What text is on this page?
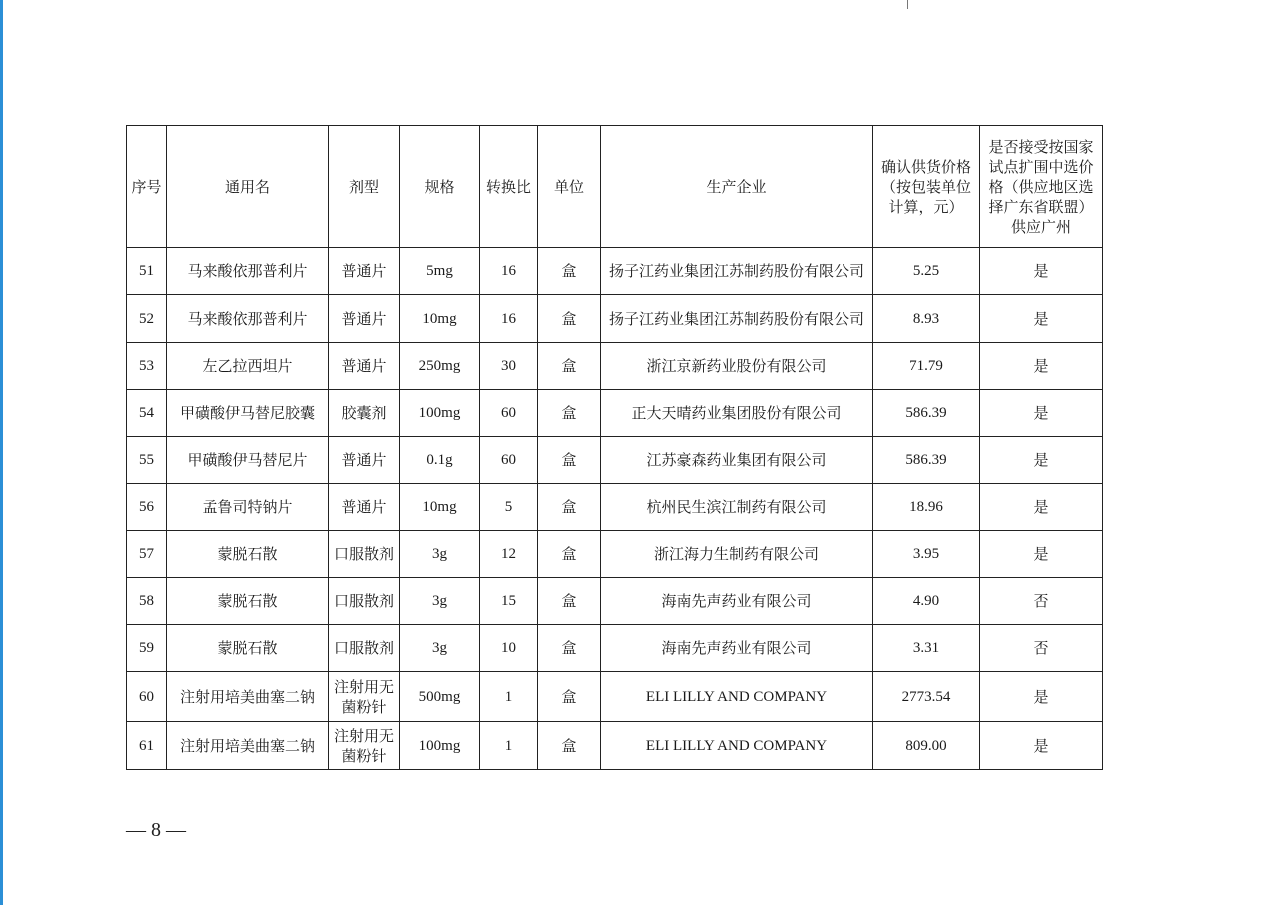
序号	通用名	剂型	规格	转换比	单位	生产企业	确认供货价格（按包装单位计算，元）	是否接受按国家试点扩围中选价格（供应地区选择广东省联盟）供应广州
51	马来酸依那普利片	普通片	5mg	16	盒	扬子江药业集团江苏制药股份有限公司	5.25	是
52	马来酸依那普利片	普通片	10mg	16	盒	扬子江药业集团江苏制药股份有限公司	8.93	是
53	左乙拉西坦片	普通片	250mg	30	盒	浙江京新药业股份有限公司	71.79	是
54	甲磺酸伊马替尼胶囊	胶囊剂	100mg	60	盒	正大天晴药业集团股份有限公司	586.39	是
55	甲磺酸伊马替尼片	普通片	0.1g	60	盒	江苏豪森药业集团有限公司	586.39	是
56	孟鲁司特钠片	普通片	10mg	5	盒	杭州民生滨江制药有限公司	18.96	是
57	蒙脱石散	口服散剂	3g	12	盒	浙江海力生制药有限公司	3.95	是
58	蒙脱石散	口服散剂	3g	15	盒	海南先声药业有限公司	4.90	否
59	蒙脱石散	口服散剂	3g	10	盒	海南先声药业有限公司	3.31	否
60	注射用培美曲塞二钠	注射用无菌粉针	500mg	1	盒	ELI LILLY AND COMPANY	2773.54	是
61	注射用培美曲塞二钠	注射用无菌粉针	100mg	1	盒	ELI LILLY AND COMPANY	809.00	是
— 8 —
